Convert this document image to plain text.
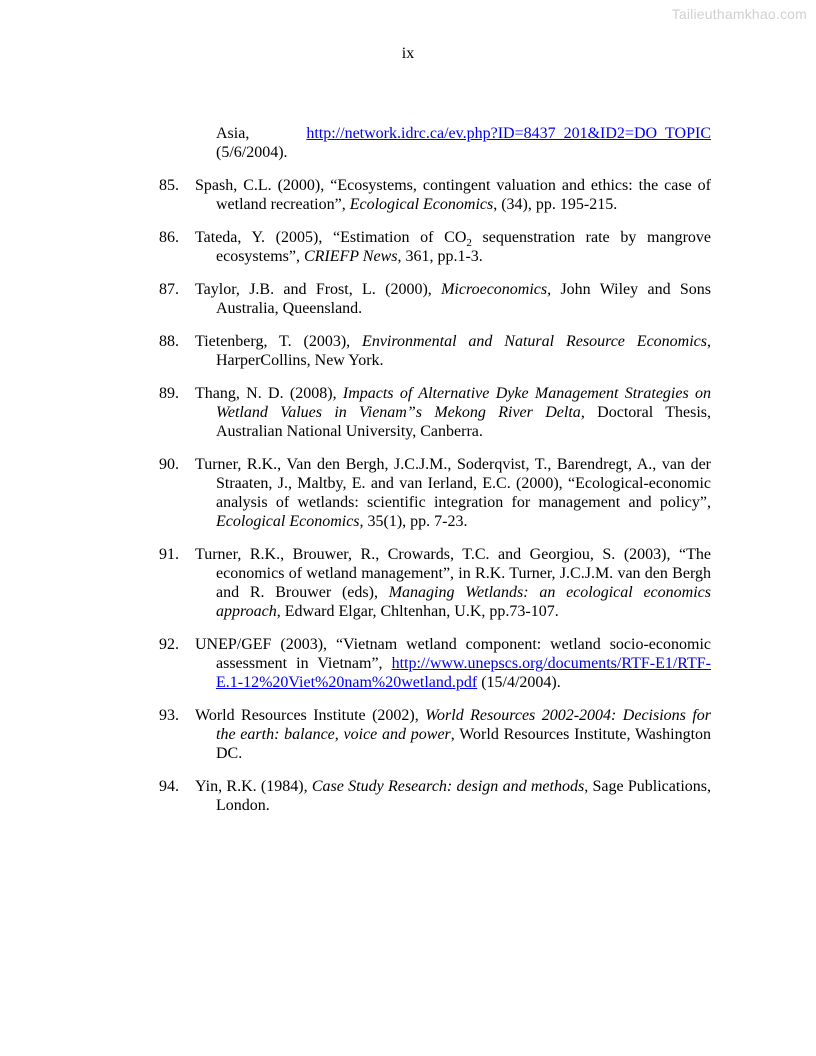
Tailieuthamkhao.com
ix
Asia,	http://network.idrc.ca/ev.php?ID=8437_201&ID2=DO_TOPIC
(5/6/2004).
85.	Spash, C.L. (2000), “Ecosystems, contingent valuation and ethics: the case of wetland recreation”, Ecological Economics, (34), pp. 195-215.
86.	Tateda, Y. (2005), “Estimation of $CO_2$ sequenstration rate by mangrove ecosystems”, CRIEFP News, 361, pp.1-3.
87.	Taylor, J.B. and Frost, L. (2000), Microeconomics, John Wiley and Sons Australia, Queensland.
88.	Tietenberg, T. (2003), Environmental and Natural Resource Economics, HarperCollins, New York.
89.	Thang, N. D. (2008), Impacts of Alternative Dyke Management Strategies on Wetland Values in Vienam”s Mekong River Delta, Doctoral Thesis, Australian National University, Canberra.
90.	Turner, R.K., Van den Bergh, J.C.J.M., Soderqvist, T., Barendregt, A., van der Straaten, J., Maltby, E. and van Ierland, E.C. (2000), “Ecological-economic analysis of wetlands: scientific integration for management and policy”, Ecological Economics, 35(1), pp. 7-23.
91.	Turner, R.K., Brouwer, R., Crowards, T.C. and Georgiou, S. (2003), “The economics of wetland management”, in R.K. Turner, J.C.J.M. van den Bergh and R. Brouwer (eds), Managing Wetlands: an ecological economics approach, Edward Elgar, Chltenhan, U.K, pp.73-107.
92.	UNEP/GEF (2003), “Vietnam wetland component: wetland socio-economic assessment in Vietnam”, http://www.unepscs.org/documents/RTF-E1/RTF-E.1-12%20Viet%20nam%20wetland.pdf (15/4/2004).
93.	World Resources Institute (2002), World Resources 2002-2004: Decisions for the earth: balance, voice and power, World Resources Institute, Washington DC.
94.	Yin, R.K. (1984), Case Study Research: design and methods, Sage Publications, London.
